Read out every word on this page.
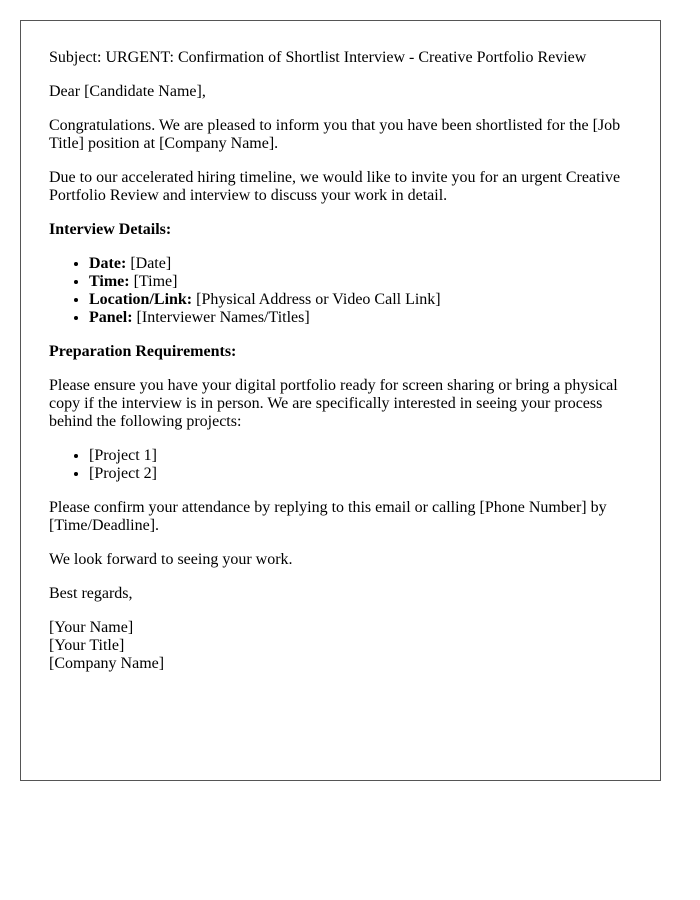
Subject: URGENT: Confirmation of Shortlist Interview - Creative Portfolio Review

Dear [Candidate Name],

Congratulations. We are pleased to inform you that you have been shortlisted for the [Job Title] position at [Company Name].

Due to our accelerated hiring timeline, we would like to invite you for an urgent Creative Portfolio Review and interview to discuss your work in detail.

Interview Details:

• Date: [Date]
• Time: [Time]
• Location/Link: [Physical Address or Video Call Link]
• Panel: [Interviewer Names/Titles]

Preparation Requirements:

Please ensure you have your digital portfolio ready for screen sharing or bring a physical copy if the interview is in person. We are specifically interested in seeing your process behind the following projects:

• [Project 1]
• [Project 2]

Please confirm your attendance by replying to this email or calling [Phone Number] by [Time/Deadline].

We look forward to seeing your work.

Best regards,

[Your Name]
[Your Title]
[Company Name]
